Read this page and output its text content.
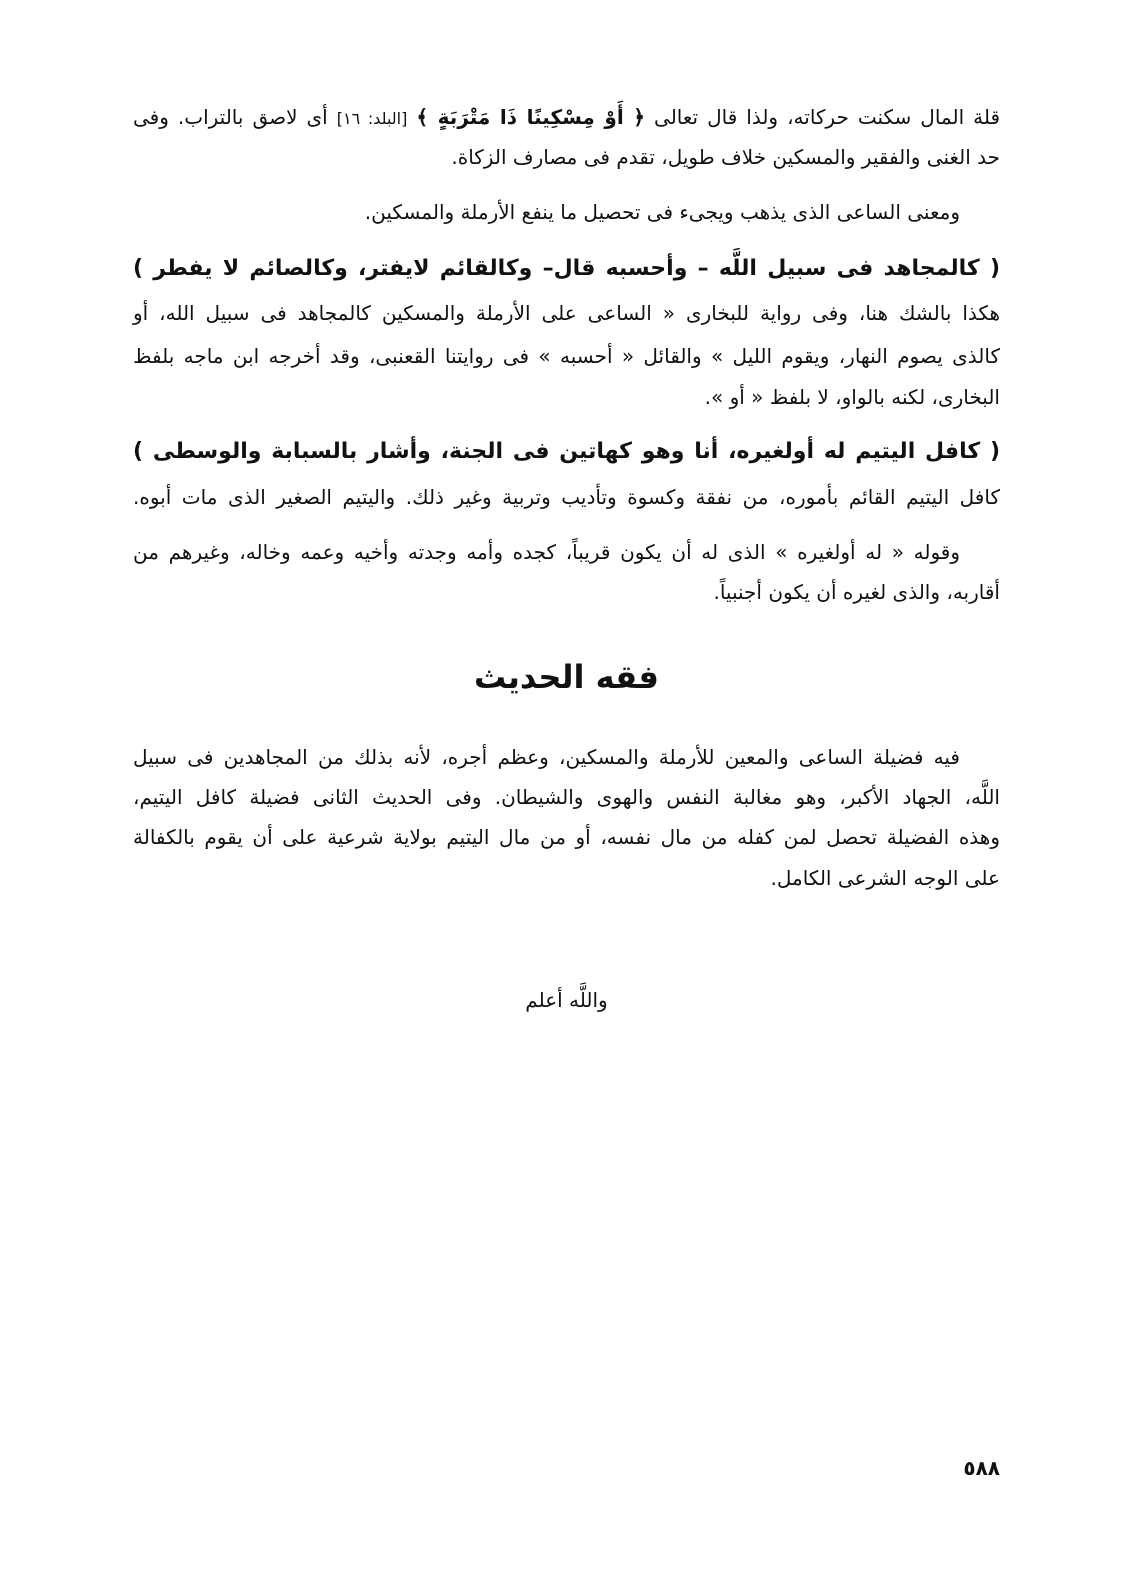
قلة المال سكنت حركاته، ولذا قال تعالى ﴿ أَوْ مِسْكِينًا ذَا مَتْرَبَةٍ ﴾ [البلد: ١٦] أى لاصق بالتراب. وفى
حد الغنى والفقير والمسكين خلاف طويل، تقدم فى مصارف الزكاة.
ومعنى الساعى الذى يذهب ويجىء فى تحصيل ما ينفع الأرملة والمسكين.
( كالمجاهد فى سبيل اللَّه – وأحسبه قال– وكالقائم لايفتر، وكالصائم لا يفطر )
هكذا بالشك هنا، وفى رواية للبخارى « الساعى على الأرملة والمسكين كالمجاهد فى سبيل الله، أو
كالذى يصوم النهار، ويقوم الليل » والقائل « أحسبه » فى روايتنا القعنبى، وقد أخرجه ابن ماجه بلفظ
البخارى، لكنه بالواو، لا بلفظ « أو ».
( كافل اليتيم له أولغيره، أنا وهو كهاتين فى الجنة، وأشار بالسبابة والوسطى )
كافل اليتيم القائم بأموره، من نفقة وكسوة وتأديب وتربية وغير ذلك. واليتيم الصغير الذى مات أبوه.
وقوله « له أولغيره » الذى له أن يكون قريباً، كجده وأمه وجدته وأخيه وعمه وخاله، وغيرهم من
أقاربه، والذى لغيره أن يكون أجنبياً.
فقه الحديث
فيه فضيلة الساعى والمعين للأرملة والمسكين، وعظم أجره، لأنه بذلك من المجاهدين فى سبيل
اللَّه، الجهاد الأكبر، وهو مغالبة النفس والهوى والشيطان. وفى الحديث الثانى فضيلة كافل اليتيم،
وهذه الفضيلة تحصل لمن كفله من مال نفسه، أو من مال اليتيم بولاية شرعية على أن يقوم بالكفالة
على الوجه الشرعى الكامل.
واللَّه أعلم
٥٨٨
